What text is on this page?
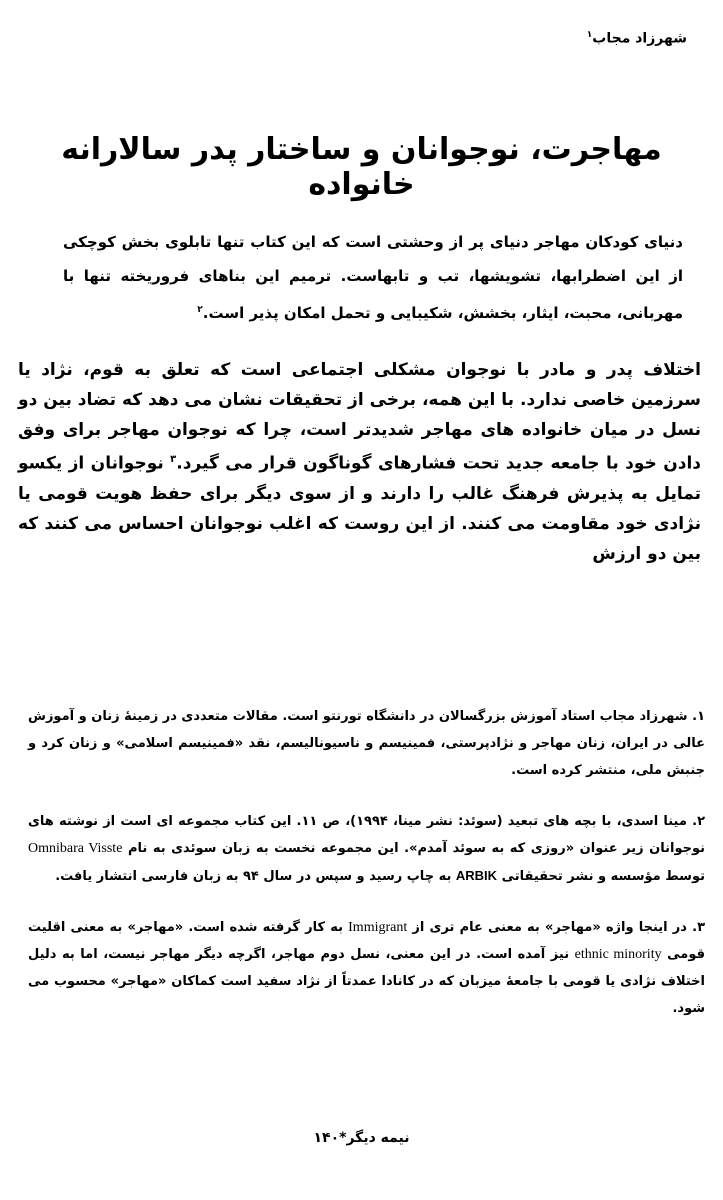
شهرزاد مجاب$^۱$
مهاجرت، نوجوانان و ساختار پدر سالارانه خانواده

دنیای کودکان مهاجر دنیای پر از وحشتی است که این کتاب تنها تابلوی بخش کوچکی از این اضطرابها، تشویشها، تب و تابهاست. ترمیم این بناهای فروریخته تنها با مهربانی، محبت، ایثار، بخشش، شکیبایی و تحمل امکان پذیر است.$^۲$

اختلاف پدر و مادر با نوجوان مشکلی اجتماعی است که تعلق به قوم، نژاد یا سرزمین خاصی ندارد. با این همه، برخی از تحقیقات نشان می دهد که تضاد بین دو نسل در میان خانواده های مهاجر شدیدتر است، چرا که نوجوان مهاجر برای وفق دادن خود با جامعه جدید تحت فشارهای گوناگون قرار می گیرد.$^۳$ نوجوانان از یکسو تمایل به پذیرش فرهنگ غالب را دارند و از سوی دیگر برای حفظ هویت قومی یا نژادی خود مقاومت می کنند. از این روست که اغلب نوجوانان احساس می کنند که بین دو ارزش

۱. شهرزاد مجاب استاد آموزش بزرگسالان در دانشگاه تورنتو است. مقالات متعددی در زمینهٔ زنان و آموزش عالی در ایران، زنان مهاجر و نژادپرستی، فمینیسم و ناسیونالیسم، نقد «فمینیسم اسلامی» و زنان کرد و جنبش ملی، منتشر کرده است.

۲. مینا اسدی، با بچه های تبعید (سوئد: نشر مینا، ۱۹۹۴)، ص ۱۱. این کتاب مجموعه ای است از نوشته های نوجوانان زیر عنوان «روزی که به سوئد آمدم». این مجموعه نخست به زبان سوئدی به نام Omnibara Visste توسط مؤسسه و نشر تحقیقاتی ARBIK به چاپ رسید و سپس در سال ۹۴ به زبان فارسی انتشار یافت.

۳. در اینجا واژه «مهاجر» به معنی عام تری از Immigrant به کار گرفته شده است. «مهاجر» به معنی اقلیت قومی ethnic minority نیز آمده است. در این معنی، نسل دوم مهاجر، اگرچه دیگر مهاجر نیست، اما به دلیل اختلاف نژادی یا قومی با جامعهٔ میزبان که در کانادا عمدتاً از نژاد سفید است کماکان «مهاجر» محسوب می شود.

نیمه دیگر*۱۴۰
